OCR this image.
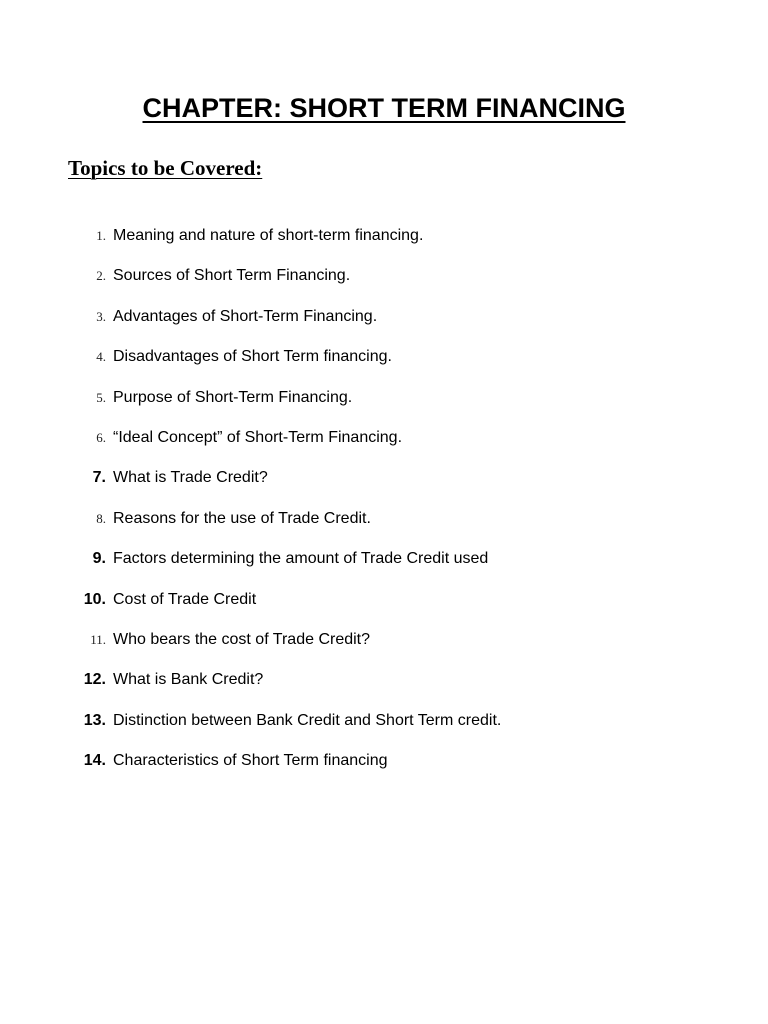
CHAPTER: SHORT TERM FINANCING
Topics to be Covered:
1. Meaning and nature of short-term financing.
2. Sources of Short Term Financing.
3. Advantages of Short-Term Financing.
4. Disadvantages of Short Term financing.
5. Purpose of Short-Term Financing.
6. “Ideal Concept” of Short-Term Financing.
7. What is Trade Credit?
8. Reasons for the use of Trade Credit.
9. Factors determining the amount of Trade Credit used
10. Cost of Trade Credit
11. Who bears the cost of Trade Credit?
12. What is Bank Credit?
13. Distinction between Bank Credit and Short Term credit.
14. Characteristics of Short Term financing
